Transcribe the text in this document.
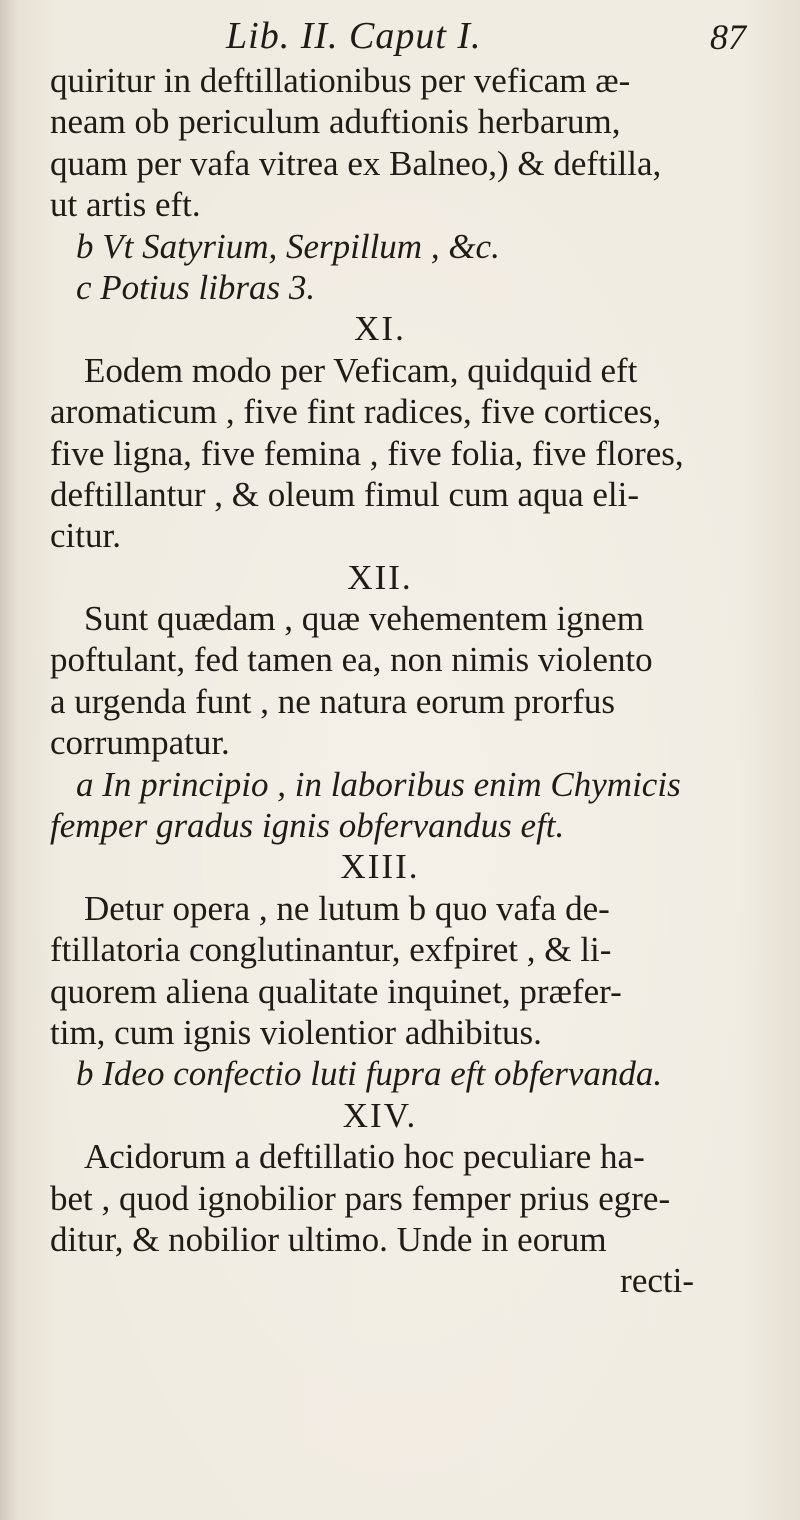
Lib. II. Caput I.	87
quiritur in deftillationibus per veficam æ-
neam ob periculum aduftionis herbarum,
quam per vafa vitrea ex Balneo,) & deftilla,
ut artis eft.
b Vt Satyrium, Serpillum , &c.
c Potius libras 3.
XI.
Eodem modo per Veficam, quidquid eft
aromaticum , five fint radices, five cortices,
five ligna, five femina , five folia, five flores,
deftillantur , & oleum fimul cum aqua eli-
citur.
XII.
Sunt quædam , quæ vehementem ignem
poftulant, fed tamen ea, non nimis violento
a urgenda funt , ne natura eorum prorfus
corrumpatur.
a In principio , in laboribus enim Chymicis
femper gradus ignis obfervandus eft.
XIII.
Detur opera , ne lutum b quo vafa de-
ftillatoria conglutinantur, exfpiret , & li-
quorem aliena qualitate inquinet, præfer-
tim, cum ignis violentior adhibitus.
b Ideo confectio luti fupra eft obfervanda.
XIV.
Acidorum a deftillatio hoc peculiare ha-
bet , quod ignobilior pars femper prius egre-
ditur, & nobilior ultimo. Unde in eorum
recti-
